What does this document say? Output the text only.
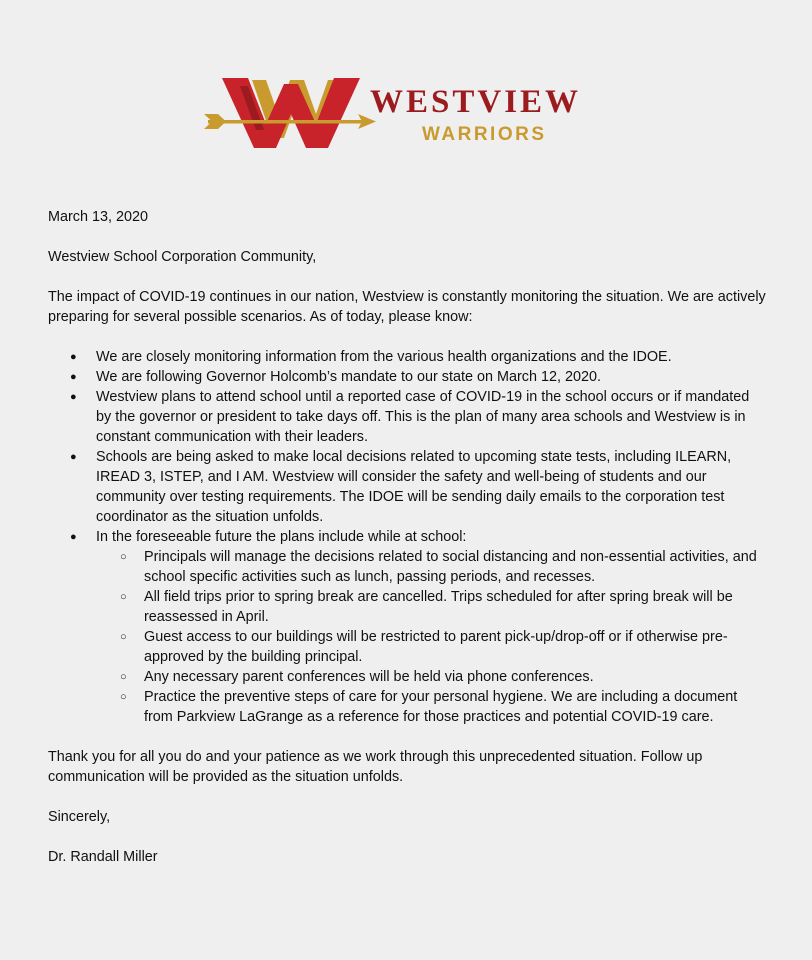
WESTVIEW
WARRIORS

March 13, 2020

Westview School Corporation Community,

The impact of COVID-19 continues in our nation, Westview is constantly monitoring the situation. We are actively preparing for several possible scenarios. As of today, please know:

● We are closely monitoring information from the various health organizations and the IDOE.
● We are following Governor Holcomb’s mandate to our state on March 12, 2020.
● Westview plans to attend school until a reported case of COVID-19 in the school occurs or if mandated by the governor or president to take days off. This is the plan of many area schools and Westview is in constant communication with their leaders.
● Schools are being asked to make local decisions related to upcoming state tests, including ILEARN, IREAD 3, ISTEP, and I AM. Westview will consider the safety and well-being of students and our community over testing requirements. The IDOE will be sending daily emails to the corporation test coordinator as the situation unfolds.
● In the foreseeable future the plans include while at school:
○ Principals will manage the decisions related to social distancing and non-essential activities, and school specific activities such as lunch, passing periods, and recesses.
○ All field trips prior to spring break are cancelled. Trips scheduled for after spring break will be reassessed in April.
○ Guest access to our buildings will be restricted to parent pick-up/drop-off or if otherwise pre-approved by the building principal.
○ Any necessary parent conferences will be held via phone conferences.
○ Practice the preventive steps of care for your personal hygiene. We are including a document from Parkview LaGrange as a reference for those practices and potential COVID-19 care.

Thank you for all you do and your patience as we work through this unprecedented situation. Follow up communication will be provided as the situation unfolds.

Sincerely,

Dr. Randall Miller
